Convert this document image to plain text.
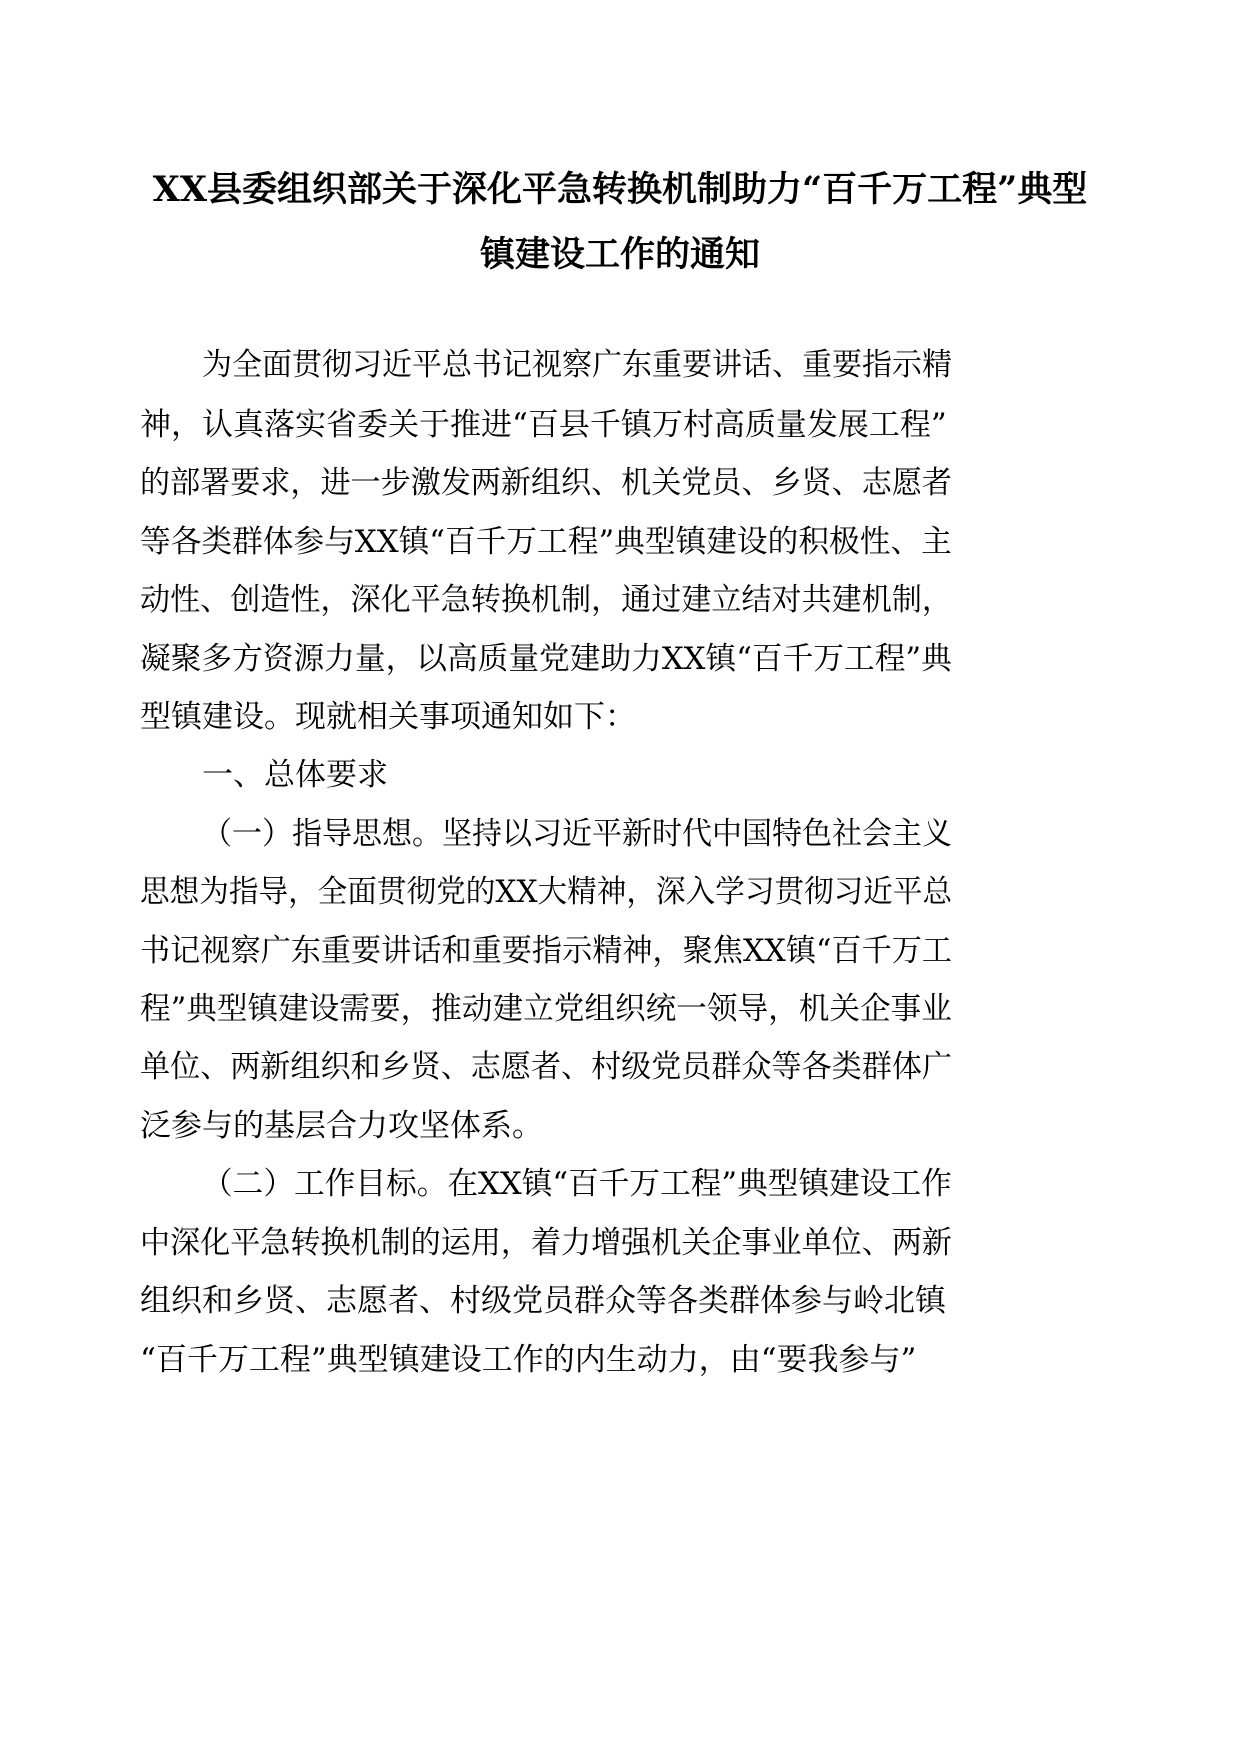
XX县委组织部关于深化平急转换机制助力“百千万工程”典型
镇建设工作的通知

为全面贯彻习近平总书记视察广东重要讲话、重要指示精

神，认真落实省委关于推进“百县千镇万村高质量发展工程”

的部署要求，进一步激发两新组织、机关党员、乡贤、志愿者

等各类群体参与XX镇“百千万工程”典型镇建设的积极性、主

动性、创造性，深化平急转换机制，通过建立结对共建机制，

凝聚多方资源力量，以高质量党建助力XX镇“百千万工程”典

型镇建设。现就相关事项通知如下：

一、总体要求

（一）指导思想。坚持以习近平新时代中国特色社会主义

思想为指导，全面贯彻党的XX大精神，深入学习贯彻习近平总

书记视察广东重要讲话和重要指示精神，聚焦XX镇“百千万工

程”典型镇建设需要，推动建立党组织统一领导，机关企事业

单位、两新组织和乡贤、志愿者、村级党员群众等各类群体广

泛参与的基层合力攻坚体系。

（二）工作目标。在XX镇“百千万工程”典型镇建设工作

中深化平急转换机制的运用，着力增强机关企事业单位、两新

组织和乡贤、志愿者、村级党员群众等各类群体参与岭北镇

“百千万工程”典型镇建设工作的内生动力，由“要我参与”
